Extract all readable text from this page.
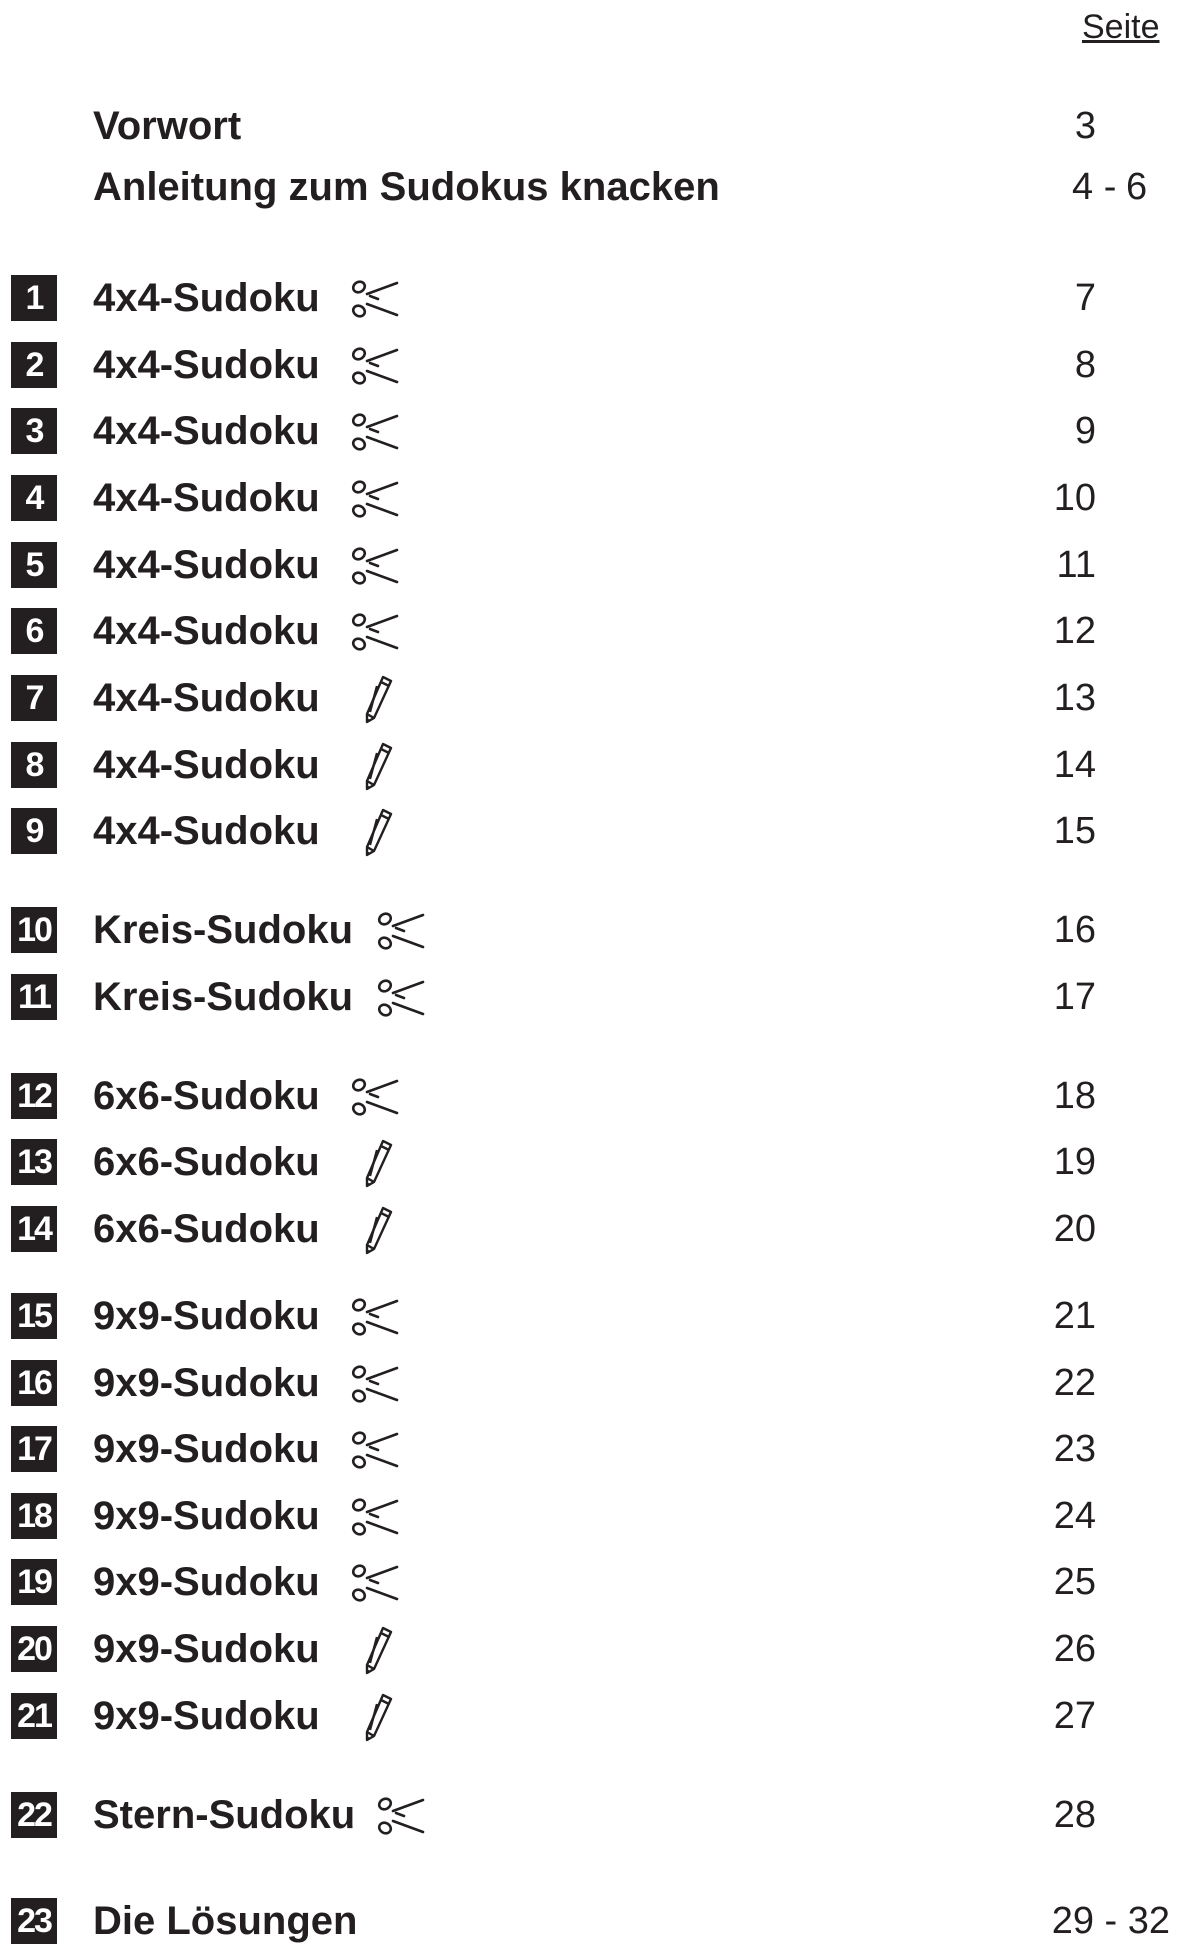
Seite
Vorwort	3
Anleitung zum Sudokus knacken	4 - 6
1	4x4-Sudoku	7
2	4x4-Sudoku	8
3	4x4-Sudoku	9
4	4x4-Sudoku	10
5	4x4-Sudoku	11
6	4x4-Sudoku	12
7	4x4-Sudoku	13
8	4x4-Sudoku	14
9	4x4-Sudoku	15
10 Kreis-Sudoku	16
11 Kreis-Sudoku	17
12 6x6-Sudoku	18
13 6x6-Sudoku	19
14 6x6-Sudoku	20
15 9x9-Sudoku	21
16 9x9-Sudoku	22
17 9x9-Sudoku	23
18 9x9-Sudoku	24
19 9x9-Sudoku	25
20 9x9-Sudoku	26
21 9x9-Sudoku	27
22 Stern-Sudoku	28
23 Die Lösungen	29 - 32
